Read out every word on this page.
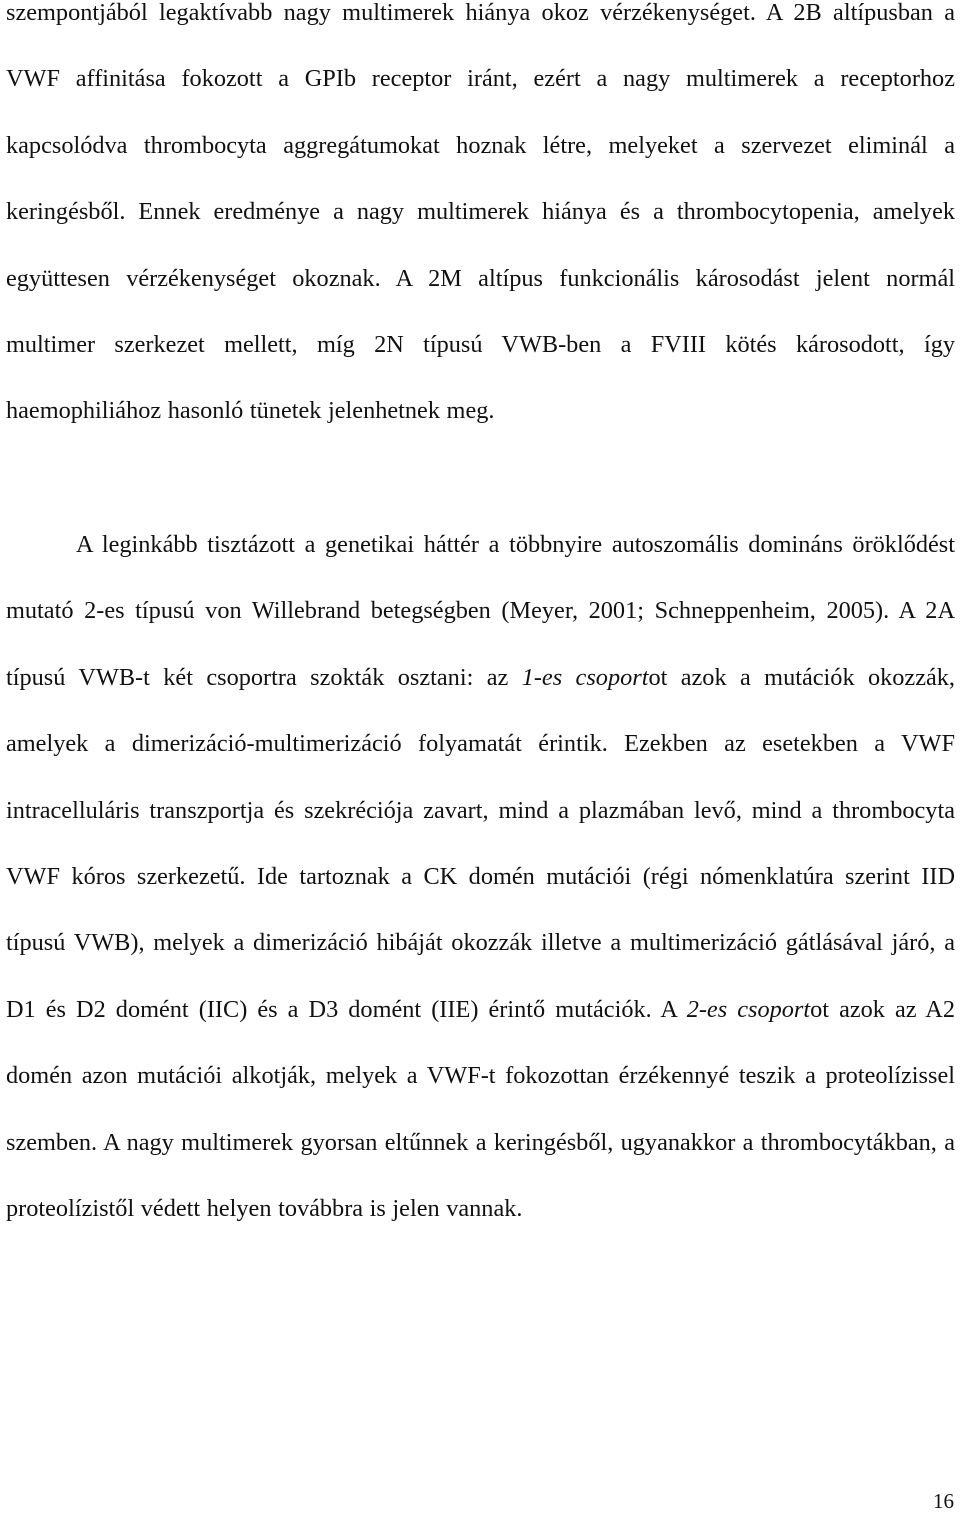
szempontjából legaktívabb nagy multimerek hiánya okoz vérzékenységet. A 2B altípusban a VWF affinitása fokozott a GPIb receptor iránt, ezért a nagy multimerek a receptorhoz kapcsolódva thrombocyta aggregátumokat hoznak létre, melyeket a szervezet eliminál a keringésből. Ennek eredménye a nagy multimerek hiánya és a thrombocytopenia, amelyek együttesen vérzékenységet okoznak. A 2M altípus funkcionális károsodást jelent normál multimer szerkezet mellett, míg 2N típusú VWB-ben a FVIII kötés károsodott, így haemophiliához hasonló tünetek jelenhetnek meg.

A leginkább tisztázott a genetikai háttér a többnyire autoszomális domináns öröklődést mutató 2-es típusú von Willebrand betegségben (Meyer, 2001; Schneppenheim, 2005). A 2A típusú VWB-t két csoportra szokták osztani: az 1-es csoportot azok a mutációk okozzák, amelyek a dimerizáció-multimerizáció folyamatát érintik. Ezekben az esetekben a VWF intracelluláris transzportja és szekréciója zavart, mind a plazmában levő, mind a thrombocyta VWF kóros szerkezetű. Ide tartoznak a CK domén mutációi (régi nómenklatúra szerint IID típusú VWB), melyek a dimerizáció hibáját okozzák illetve a multimerizáció gátlásával járó, a D1 és D2 domént (IIC) és a D3 domént (IIE) érintő mutációk. A 2-es csoportot azok az A2 domén azon mutációi alkotják, melyek a VWF-t fokozottan érzékennyé teszik a proteolízissel szemben. A nagy multimerek gyorsan eltűnnek a keringésből, ugyanakkor a thrombocytákban, a proteolízistől védett helyen továbbra is jelen vannak.

16
